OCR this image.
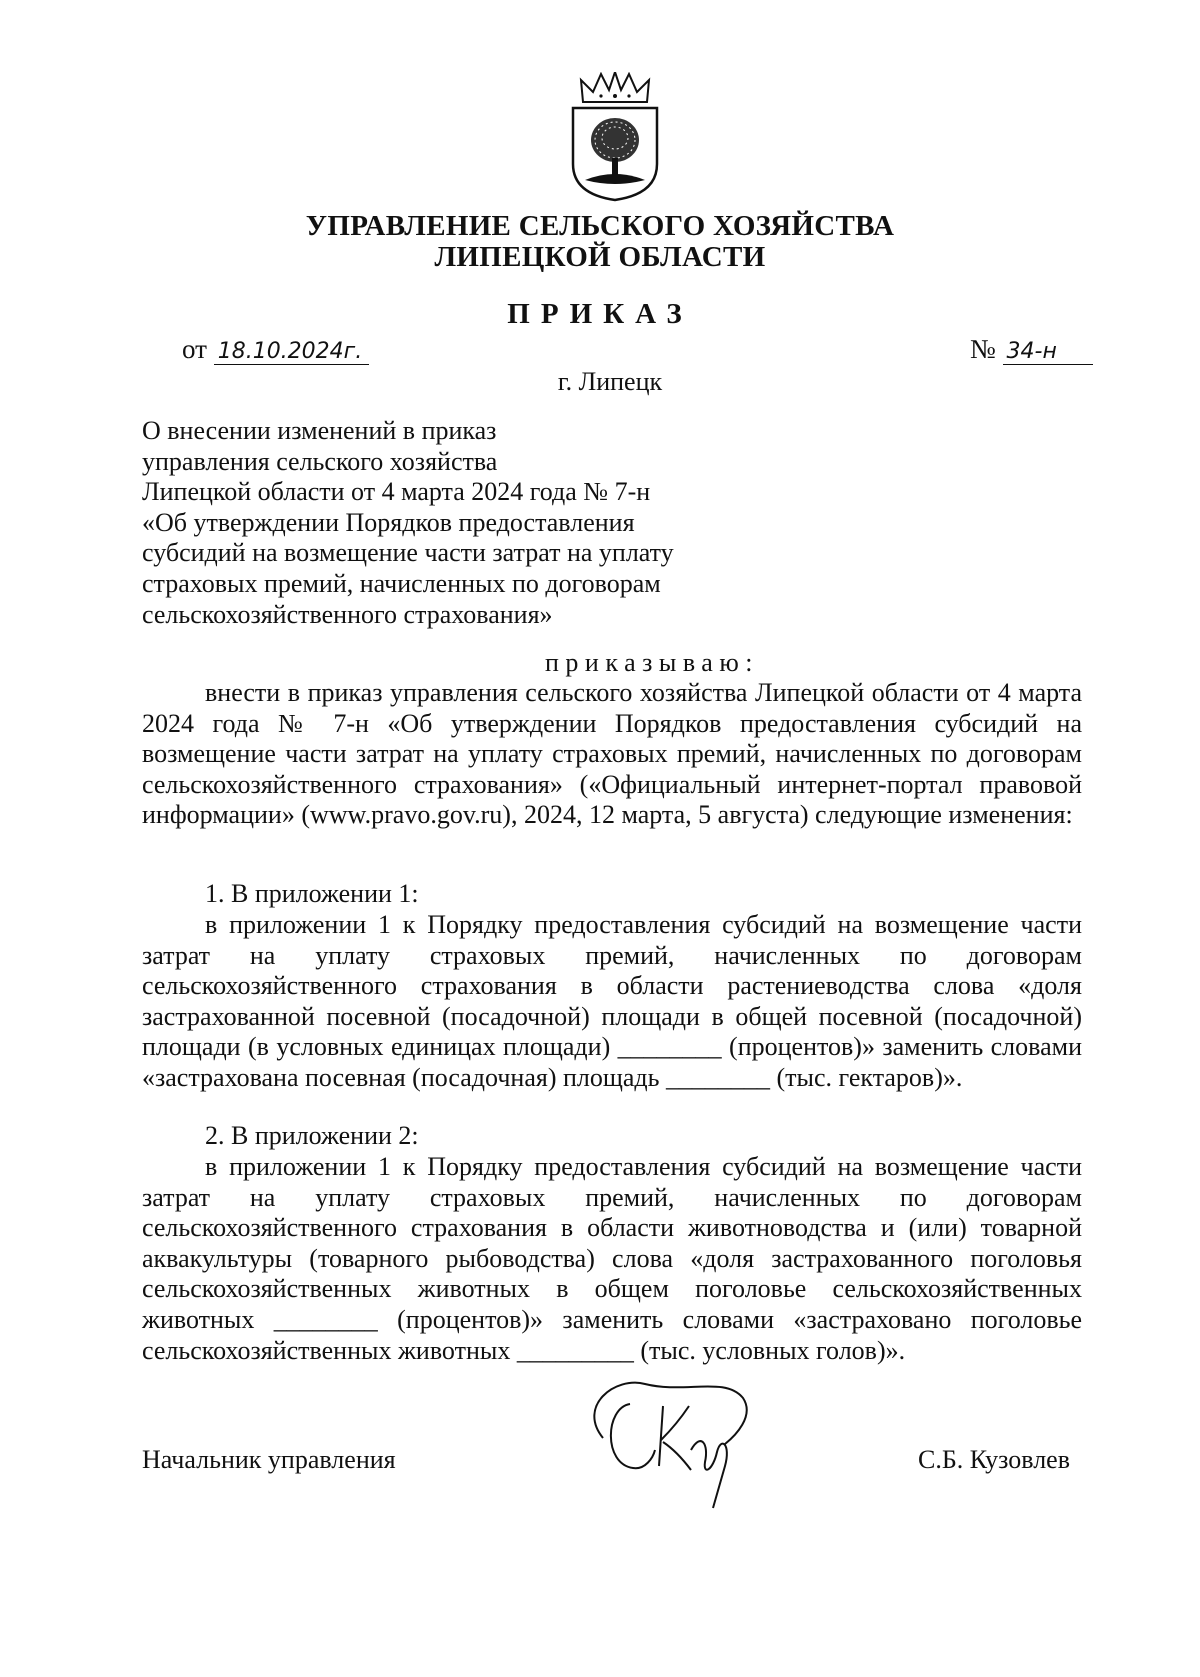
УПРАВЛЕНИЕ СЕЛЬСКОГО ХОЗЯЙСТВА
ЛИПЕЦКОЙ ОБЛАСТИ
ПРИКАЗ
от 18.10.2024г.	№ 34-н
г. Липецк
О внесении изменений в приказ
управления сельского хозяйства
Липецкой области от 4 марта 2024 года № 7-н
«Об утверждении Порядков предоставления
субсидий на возмещение части затрат на уплату
страховых премий, начисленных по договорам
сельскохозяйственного страхования»
приказываю:

внести в приказ управления сельского хозяйства Липецкой области от 4 марта 2024 года № 7-н «Об утверждении Порядков предоставления субсидий на возмещение части затрат на уплату страховых премий, начисленных по договорам сельскохозяйственного страхования» («Официальный интернет-портал правовой информации» (www.pravo.gov.ru), 2024, 12 марта, 5 августа) следующие изменения:

1. В приложении 1:

в приложении 1 к Порядку предоставления субсидий на возмещение части затрат на уплату страховых премий, начисленных по договорам сельскохозяйственного страхования в области растениеводства слова «доля застрахованной посевной (посадочной) площади в общей посевной (посадочной) площади (в условных единицах площади) ________ (процентов)» заменить словами «застрахована посевная (посадочная) площадь ________ (тыс. гектаров)».

2. В приложении 2:

в приложении 1 к Порядку предоставления субсидий на возмещение части затрат на уплату страховых премий, начисленных по договорам сельскохозяйственного страхования в области животноводства и (или) товарной аквакультуры (товарного рыбоводства) слова «доля застрахованного поголовья сельскохозяйственных животных в общем поголовье сельскохозяйственных животных ________ (процентов)» заменить словами «застраховано поголовье сельскохозяйственных животных _________ (тыс. условных голов)».

Начальник управления	С.Б. Кузовлев
